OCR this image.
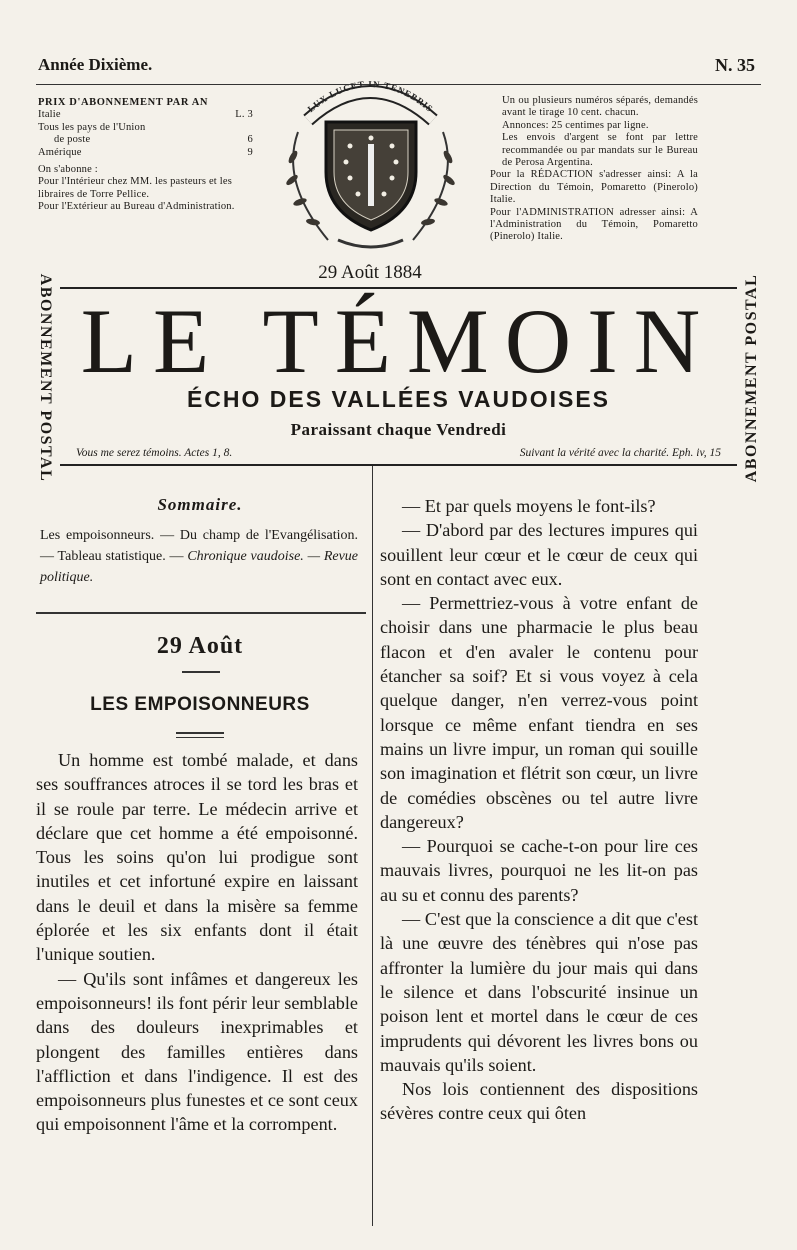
Année Dixième.	N. 35
PRIX D'ABONNEMENT PAR AN
Italie	L. 3
Tous les pays de l'Union
de poste	6
Amérique	9
On s'abonne :
Pour l'Intérieur chez MM. les pasteurs et les libraires de Torre Pellice.
Pour l'Extérieur au Bureau d'Administration.
LUX LUCET IN TENEBRIS
Un ou plusieurs numéros séparés, demandés avant le tirage 10 cent. chacun.
Annonces: 25 centimes par ligne.
Les envois d'argent se font par lettre recommandée ou par mandats sur le Bureau de Perosa Argentina.
Pour la RÉDACTION s'adresser ainsi: A la Direction du Témoin, Pomaretto (Pinerolo) Italie.
Pour l'ADMINISTRATION adresser ainsi: A l'Administration du Témoin, Pomaretto (Pinerolo) Italie.
29 Août 1884
ABONNEMENT POSTAL	ABONNEMENT POSTAL
LE TÉMOIN
ÉCHO DES VALLÉES VAUDOISES
Paraissant chaque Vendredi
Vous me serez témoins. Actes 1, 8.	Suivant la vérité avec la charité. Eph. iv, 15
Sommaire.
Les empoisonneurs. — Du champ de l'Evangélisation. — Tableau statistique. — Chronique vaudoise. — Revue politique.
29 Août
LES EMPOISONNEURS

Un homme est tombé malade, et dans ses souffrances atroces il se tord les bras et il se roule par terre. Le médecin arrive et déclare que cet homme a été empoisonné. Tous les soins qu'on lui prodigue sont inutiles et cet infortuné expire en laissant dans le deuil et dans la misère sa femme éplorée et les six enfants dont il était l'unique soutien.

— Qu'ils sont infâmes et dangereux les empoisonneurs! ils font périr leur semblable dans des douleurs inexprimables et plongent des familles entières dans l'affliction et dans l'indigence. Il est des empoisonneurs plus funestes et ce sont ceux qui empoisonnent l'âme et la corrompent.

— Et par quels moyens le font-ils?

— D'abord par des lectures impures qui souillent leur cœur et le cœur de ceux qui sont en contact avec eux.

— Permettriez-vous à votre enfant de choisir dans une pharmacie le plus beau flacon et d'en avaler le contenu pour étancher sa soif? Et si vous voyez à cela quelque danger, n'en verrez-vous point lorsque ce même enfant tiendra en ses mains un livre impur, un roman qui souille son imagination et flétrit son cœur, un livre de comédies obscènes ou tel autre livre dangereux?

— Pourquoi se cache-t-on pour lire ces mauvais livres, pourquoi ne les lit-on pas au su et connu des parents?

— C'est que la conscience a dit que c'est là une œuvre des ténèbres qui n'ose pas affronter la lumière du jour mais qui dans le silence et dans l'obscurité insinue un poison lent et mortel dans le cœur de ces imprudents qui dévorent les livres bons ou mauvais qu'ils soient.

Nos lois contiennent des dispositions sévères contre ceux qui ôten
